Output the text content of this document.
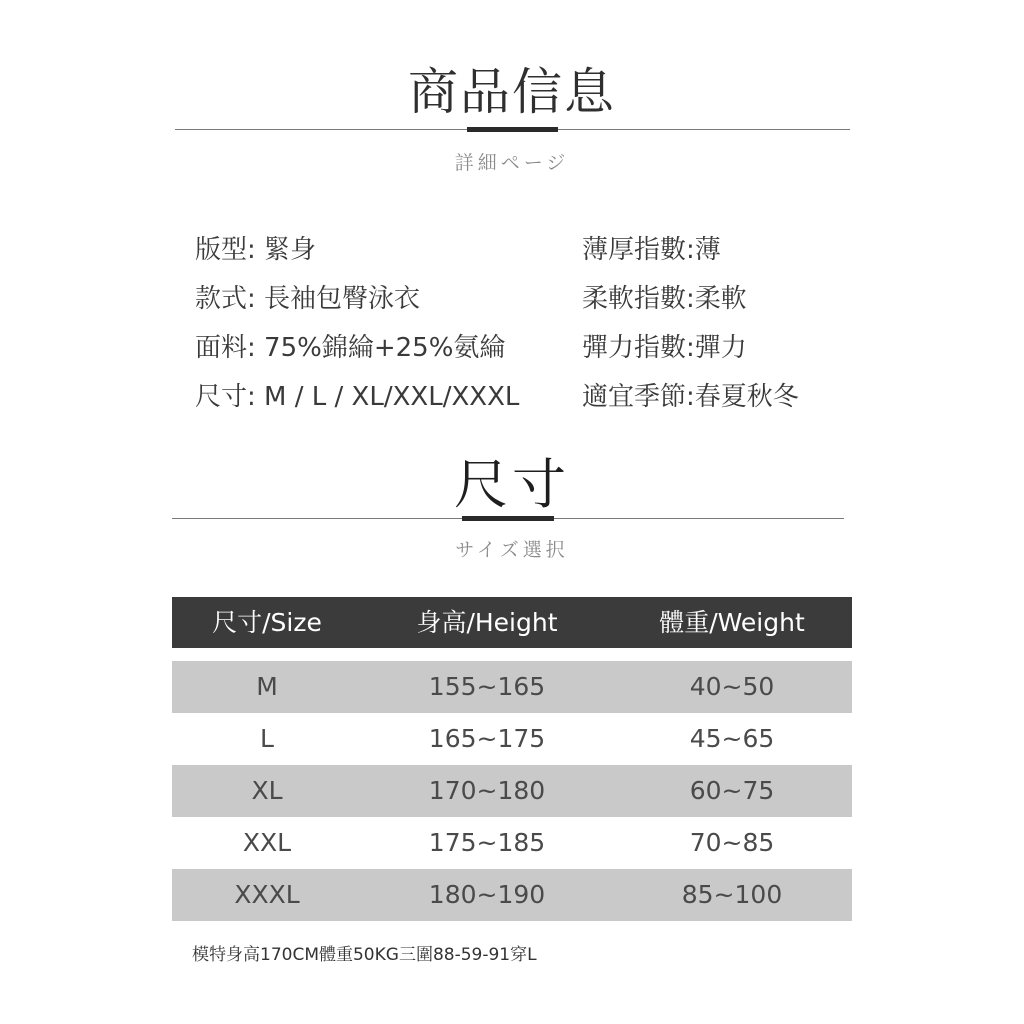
商品信息
詳細ページ
版型: 緊身
款式: 長袖包臀泳衣
面料: 75%錦綸+25%氨綸
尺寸: M / L / XL/XXL/XXXL
薄厚指數:薄
柔軟指數:柔軟
彈力指數:彈力
適宜季節:春夏秋冬
尺寸
サイズ選択
尺寸/Size	身高/Height	體重/Weight
M	155~165	40~50
L	165~175	45~65
XL	170~180	60~75
XXL	175~185	70~85
XXXL	180~190	85~100
模特身高170CM體重50KG三圍88-59-91穿L
